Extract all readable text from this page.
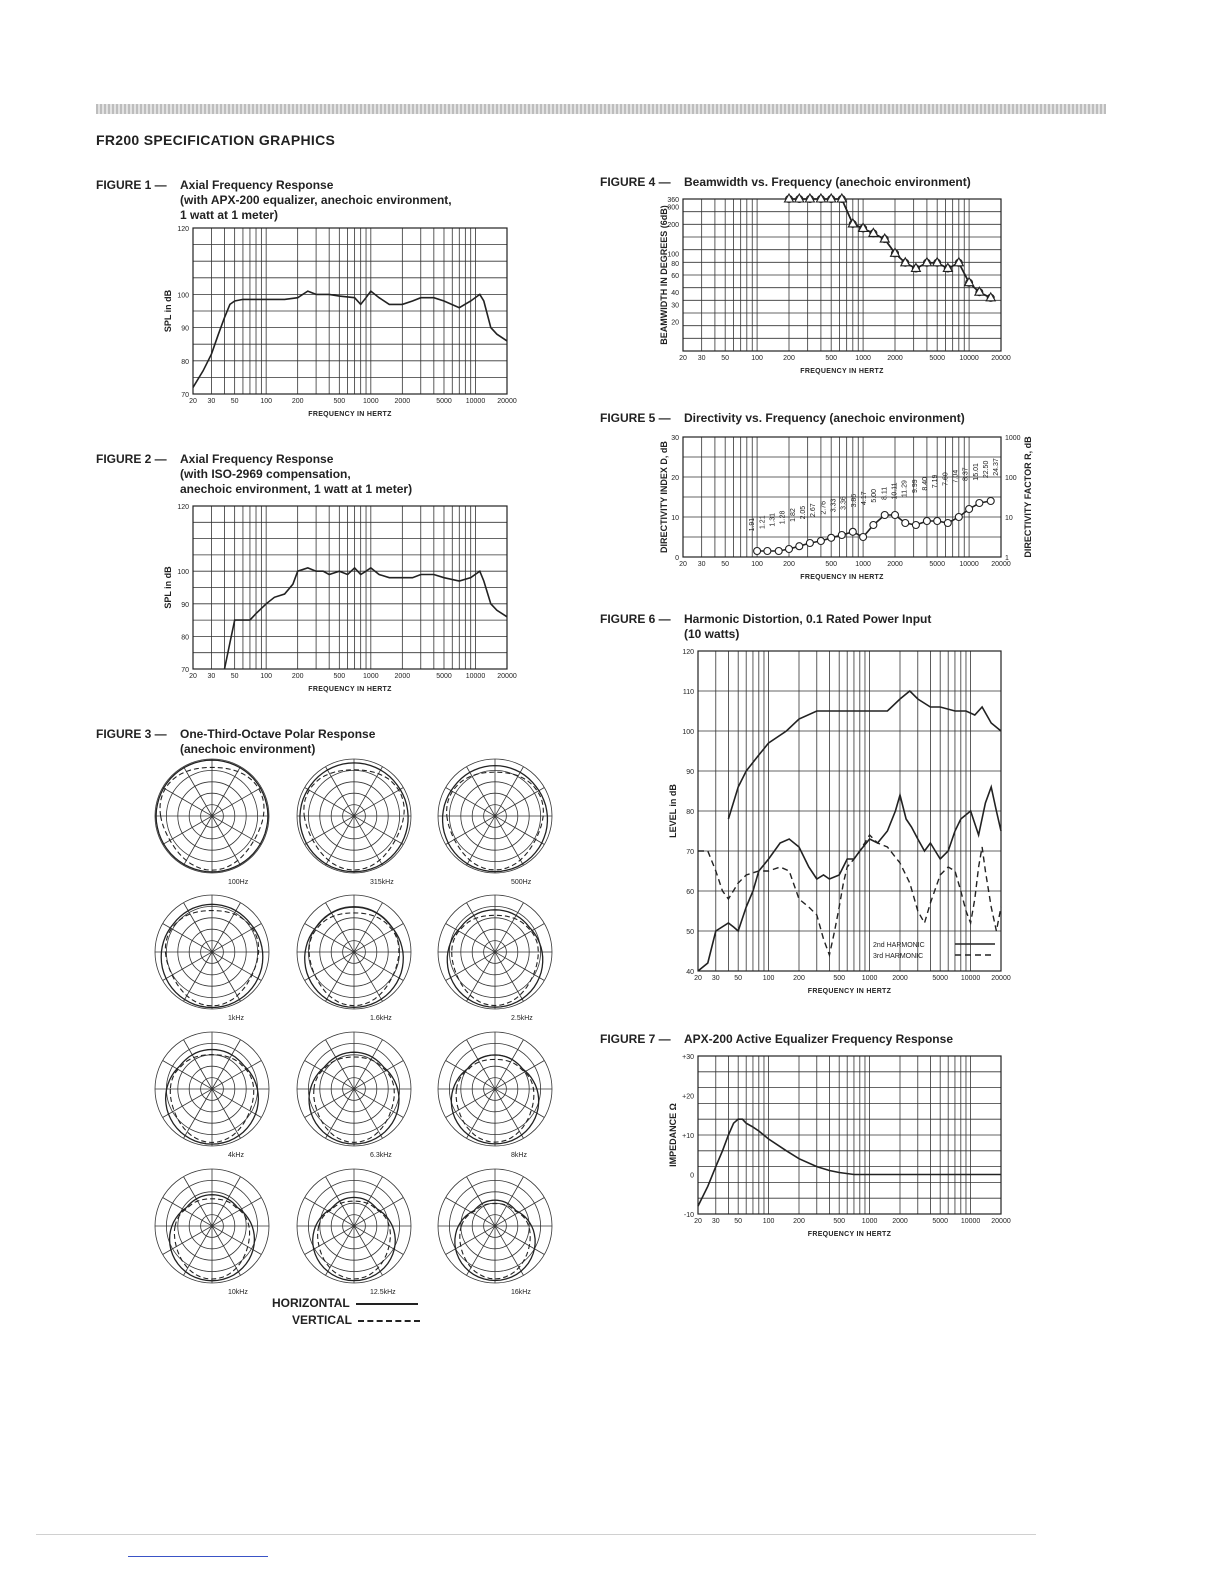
FR200 SPECIFICATION GRAPHICS
FIGURE 1 — Axial Frequency Response
(with APX-200 equalizer, anechoic environment,
1 watt at 1 meter)
70
80
90
100
120
20 30 50	100	200	500	1000 2000	5000 10000 20000
FREQUENCY IN HERTZ
SPL in dB
FIGURE 2 — Axial Frequency Response
(with ISO-2969 compensation,
anechoic environment, 1 watt at 1 meter)
70
80
90
100
120
20 30 50	100	200	500	1000 2000	5000 10000 20000
FREQUENCY IN HERTZ
SPL in dB
FIGURE 3 — One-Third-Octave Polar Response
(anechoic environment)
100Hz	315kHz	500Hz
1kHz	1.6kHz	2.5kHz
4kHz	6.3kHz	8kHz
10kHz	12.5kHz	16kHz
HORIZONTAL
VERTICAL
FIGURE 4 — Beamwidth vs. Frequency (anechoic environment)
20
30
40
60
80
100
200
300
360
20 30 50	100	200	500	1000 2000	5000 10000 20000
FREQUENCY IN HERTZ
BEAMWIDTH IN DEGREES (6dB)
FIGURE 5 — Directivity vs. Frequency (anechoic environment)
0
10
20
30
1
10
100
1000 DIRECTIVITY FACTOR R, dB
20 30 50	100	200	500	1000 2000	5000 10000 20000
FREQUENCY IN HERTZ
DIRECTIVITY INDEX D, dB	1.91 1.21 1.31 1.28 1.82 2.05 2.67 2.76 3.33 3.36 3.86 4.17 5.00 8.11 10.11 11.29 9.99 8.40 7.19 7.60 7.04 8.37 15.01 22.50 24.37
FIGURE 6 — Harmonic Distortion, 0.1 Rated Power Input
(10 watts)
40
50
60
70
80
90
100
110
120
20 30 50	100	200	500 1000 2000	5000 10000 20000
FREQUENCY IN HERTZ
LEVEL in dB
2nd HARMONIC
3rd HARMONIC
FIGURE 7 — APX-200 Active Equalizer Frequency Response
-10
0
+10
+20
+30
20 30 50	100	200	500 1000 2000	5000 10000 20000
FREQUENCY IN HERTZ
IMPEDANCE Ω
